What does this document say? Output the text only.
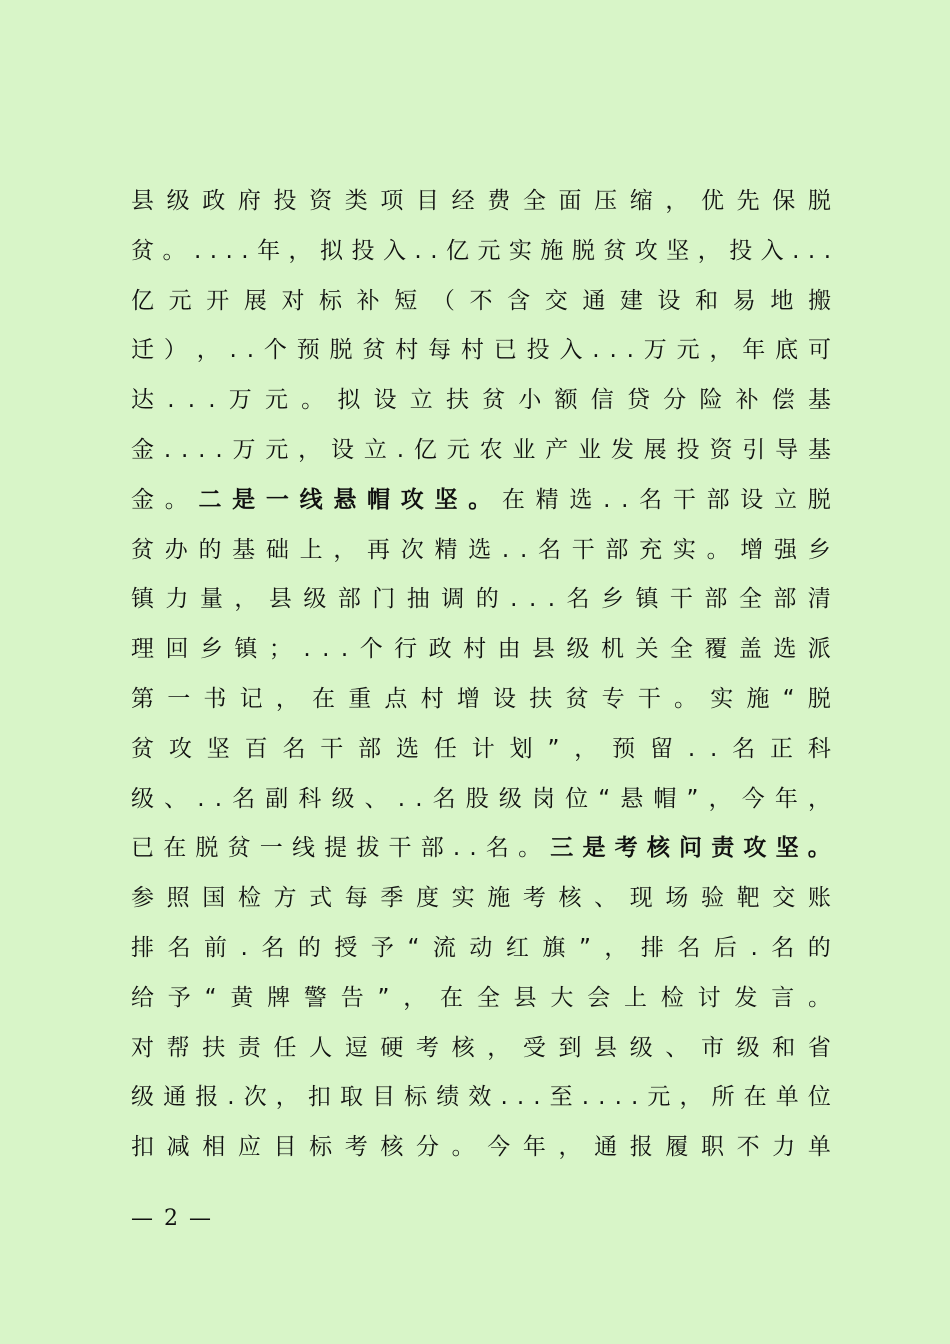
县 级 政 府 投 资 类 项 目 经 费 全 面 压 缩 ， 优 先 保 脱
贫 。 . . . . 年 ， 拟 投 入 . . 亿 元 实 施 脱 贫 攻 坚 ， 投 入 . . .
亿 元 开 展 对 标 补 短 （ 不 含 交 通 建 设 和 易 地 搬
迁 ） ， . . 个 预 脱 贫 村 每 村 已 投 入 . . . 万 元 ， 年 底 可
达 . . . 万 元 。 拟 设 立 扶 贫 小 额 信 贷 分 险 补 偿 基
金 . . . . 万 元 ， 设 立 . 亿 元 农 业 产 业 发 展 投 资 引 导 基
金 。 二 是 一 线 悬 帽 攻 坚 。 在 精 选 . . 名 干 部 设 立 脱
贫 办 的 基 础 上 ， 再 次 精 选 . . 名 干 部 充 实 。 增 强 乡
镇 力 量 ， 县 级 部 门 抽 调 的 . . . 名 乡 镇 干 部 全 部 清
理 回 乡 镇 ； . . . 个 行 政 村 由 县 级 机 关 全 覆 盖 选 派
第 一 书 记 ， 在 重 点 村 增 设 扶 贫 专 干 。 实 施 “ 脱
贫 攻 坚 百 名 干 部 选 任 计 划 ” ， 预 留 . . 名 正 科
级 、 . . 名 副 科 级 、 . . 名 股 级 岗 位 “ 悬 帽 ” ， 今 年 ，
已 在 脱 贫 一 线 提 拔 干 部 . . 名 。 三 是 考 核 问 责 攻 坚 。
参 照 国 检 方 式 每 季 度 实 施 考 核 、 现 场 验 靶 交 账
排 名 前 . 名 的 授 予 “ 流 动 红 旗 ” ， 排 名 后 . 名 的
给 予 “ 黄 牌 警 告 ” ， 在 全 县 大 会 上 检 讨 发 言 。
对 帮 扶 责 任 人 逗 硬 考 核 ， 受 到 县 级 、 市 级 和 省
级 通 报 . 次 ， 扣 取 目 标 绩 效 . . . 至 . . . . 元 ， 所 在 单 位
扣 减 相 应 目 标 考 核 分 。 今 年 ， 通 报 履 职 不 力 单
— 2 —
